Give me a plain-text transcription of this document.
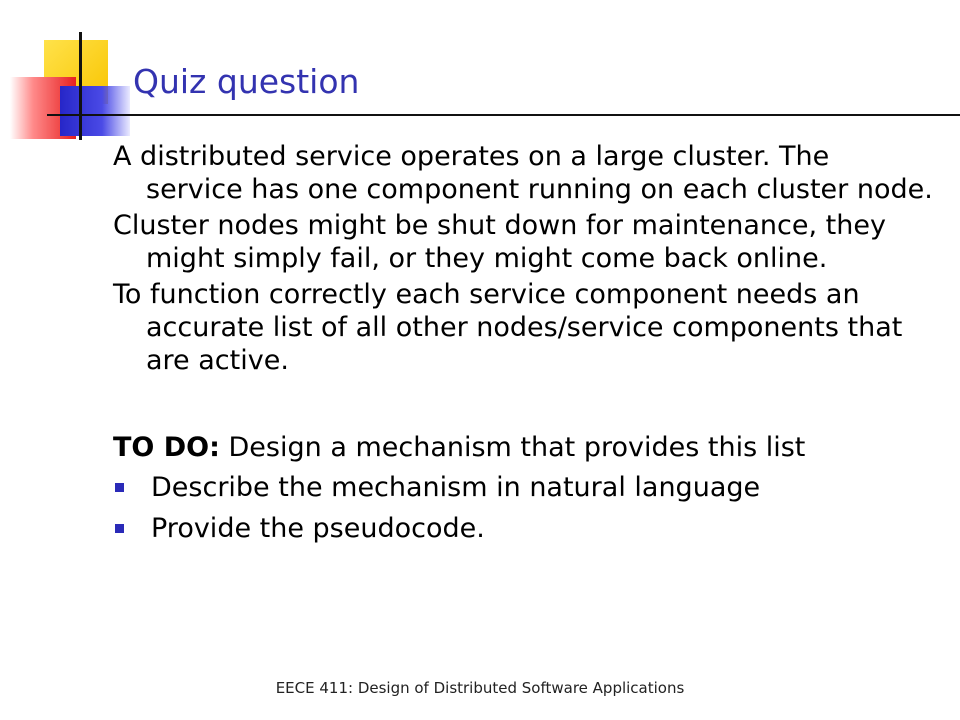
Quiz question

A distributed service operates on a large cluster. The service has one component running on each cluster node.

Cluster nodes might be shut down for maintenance, they might simply fail, or they might come back online.

To function correctly each service component needs an accurate list of all other nodes/service components that are active.

TO DO: Design a mechanism that provides this list

Describe the mechanism in natural language
Provide the pseudocode.
EECE 411: Design of Distributed Software Applications
